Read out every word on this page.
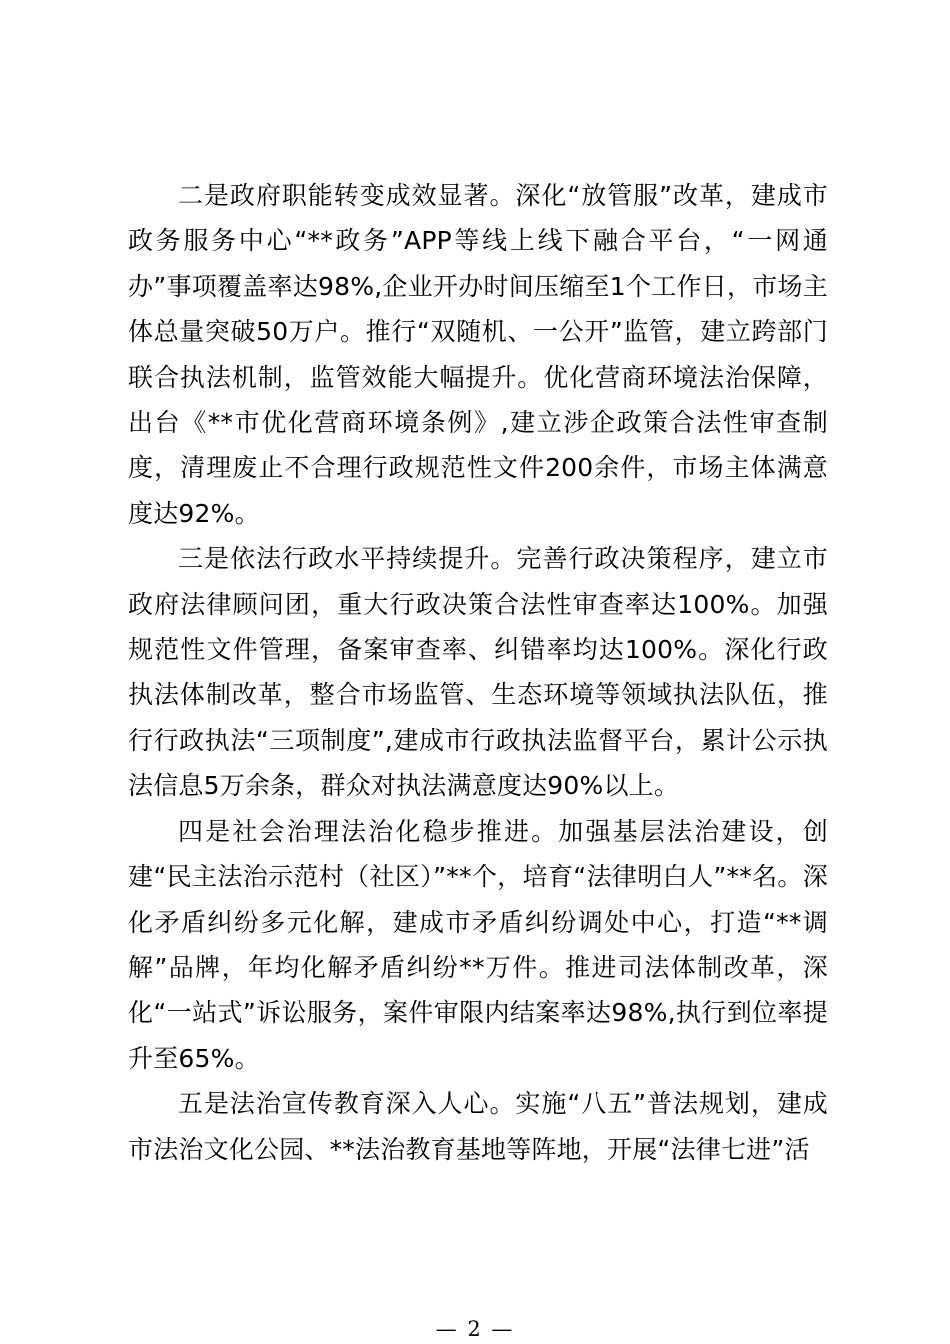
二是政府职能转变成效显著。深化“放管服”改革，建成市政务服务中心“**政务”APP等线上线下融合平台，“一网通办”事项覆盖率达98%,企业开办时间压缩至1个工作日，市场主体总量突破50万户。推行“双随机、一公开”监管，建立跨部门联合执法机制，监管效能大幅提升。优化营商环境法治保障，出台《**市优化营商环境条例》,建立涉企政策合法性审查制度，清理废止不合理行政规范性文件200余件，市场主体满意度达92%。

三是依法行政水平持续提升。完善行政决策程序，建立市政府法律顾问团，重大行政决策合法性审查率达100%。加强规范性文件管理，备案审查率、纠错率均达100%。深化行政执法体制改革，整合市场监管、生态环境等领域执法队伍，推行行政执法“三项制度”,建成市行政执法监督平台，累计公示执法信息5万余条，群众对执法满意度达90%以上。

四是社会治理法治化稳步推进。加强基层法治建设，创建“民主法治示范村（社区）”**个，培育“法律明白人”**名。深化矛盾纠纷多元化解，建成市矛盾纠纷调处中心，打造“**调解”品牌，年均化解矛盾纠纷**万件。推进司法体制改革，深化“一站式”诉讼服务，案件审限内结案率达98%,执行到位率提升至65%。

五是法治宣传教育深入人心。实施“八五”普法规划，建成市法治文化公园、**法治教育基地等阵地，开展“法律七进”活

— 2 —
